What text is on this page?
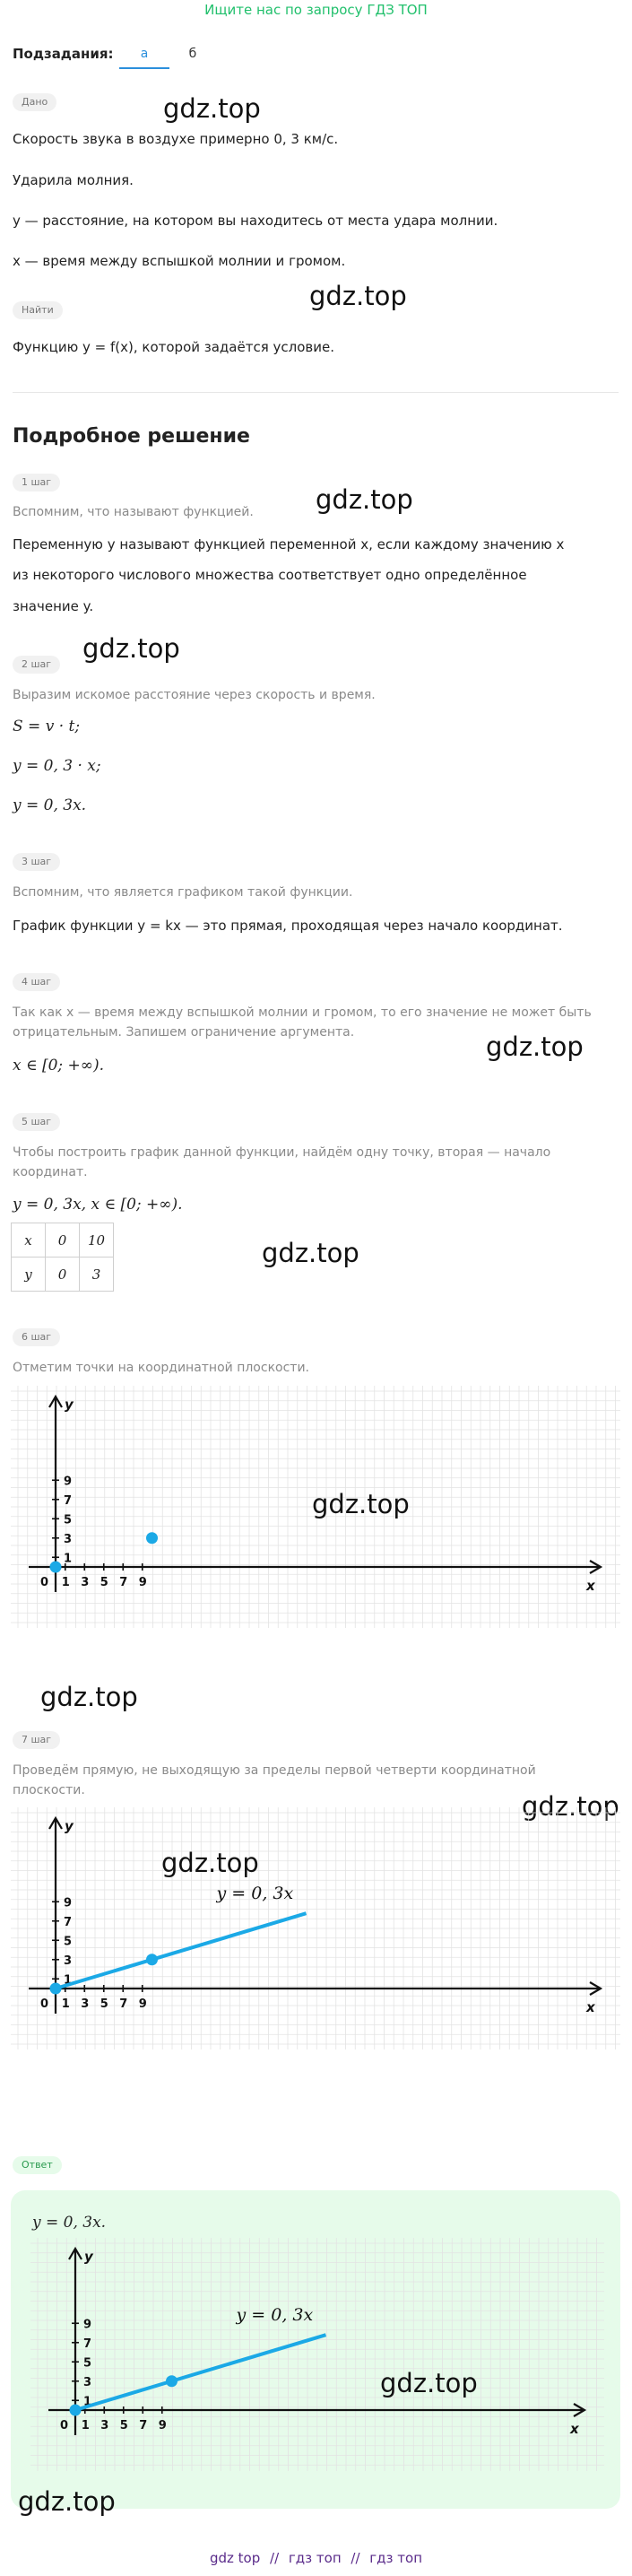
Ищите нас по запросу ГДЗ ТОП
Подзадания:	а	б
Дано	gdz.top
Скорость звука в воздухе примерно 0, 3 км/с.
Ударила молния.
y — расстояние, на котором вы находитесь от места удара молнии.
x — время между вспышкой молнии и громом.
Найти	gdz.top
Функцию y = f(x), которой задаётся условие.
Подробное решение
1 шаг
gdz.top
Вспомним, что называют функцией.
Переменную y называют функцией переменной x, если каждому значению x
из некоторого числового множества соответствует одно определённое
значение y.
gdz.top
2 шаг
Выразим искомое расстояние через скорость и время.
S = v · t;
y = 0, 3 · x;
y = 0, 3x.
3 шаг
Вспомним, что является графиком такой функции.
График функции y = kx — это прямая, проходящая через начало координат.
4 шаг
Так как x — время между вспышкой молнии и громом, то его значение не может быть отрицательным. Запишем ограничение аргумента.	gdz.top
x ∈ [0; +∞).
5 шаг
Чтобы построить график данной функции, найдём одну точку, вторая — начало координат.
y = 0, 3x, x ∈ [0; +∞).
x	0	10
y	0	3
gdz.top
6 шаг
Отметим точки на координатной плоскости.
1 3 5 7 9
1
3
5
7
9
0	x
y
gdz.top
gdz.top
7 шаг
Проведём прямую, не выходящую за пределы первой четверти координатной плоскости.
gdz.top
1 3 5 7 9
1
3
5
7
9
0	x
y
y = 0, 3x
gdz.top
Ответ
y = 0, 3x.
1 3 5 7 9
1
3
5
7
9
0	x
y
y = 0, 3x
gdz.top
gdz.top
gdz top // гдз топ // гдз топ
